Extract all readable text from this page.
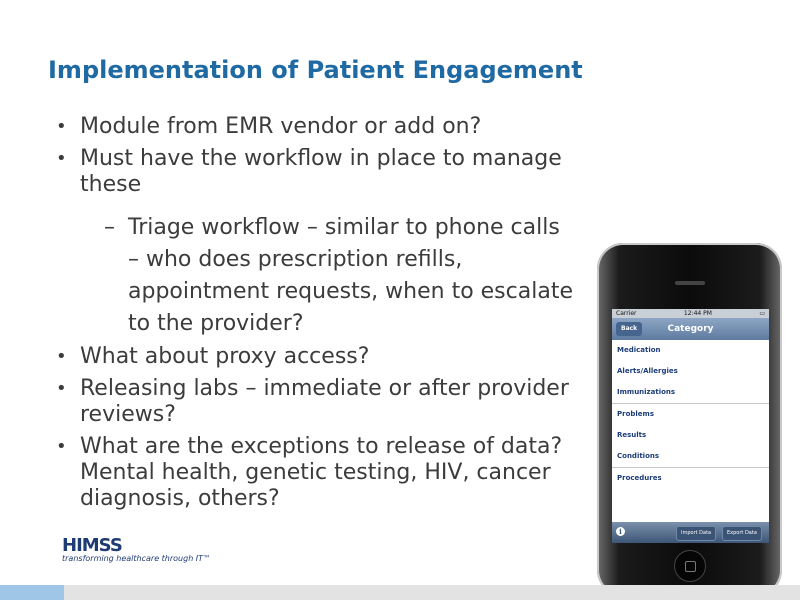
Implementation of Patient Engagement
• Module from EMR vendor or add on?
• Must have the workflow in place to manage these
– Triage workflow – similar to phone calls – who does prescription refills, appointment requests, when to escalate to the provider?
• What about proxy access?
• Releasing labs – immediate or after provider reviews?
• What are the exceptions to release of data? Mental health, genetic testing, HIV, cancer diagnosis, others?
HIMSS
transforming healthcare through IT™
Carrier	12:44 PM	▭
Category
Back
Medication
Alerts/Allergies
Immunizations
Problems
Results
Conditions
Procedures
i	Import Data	Export Data
